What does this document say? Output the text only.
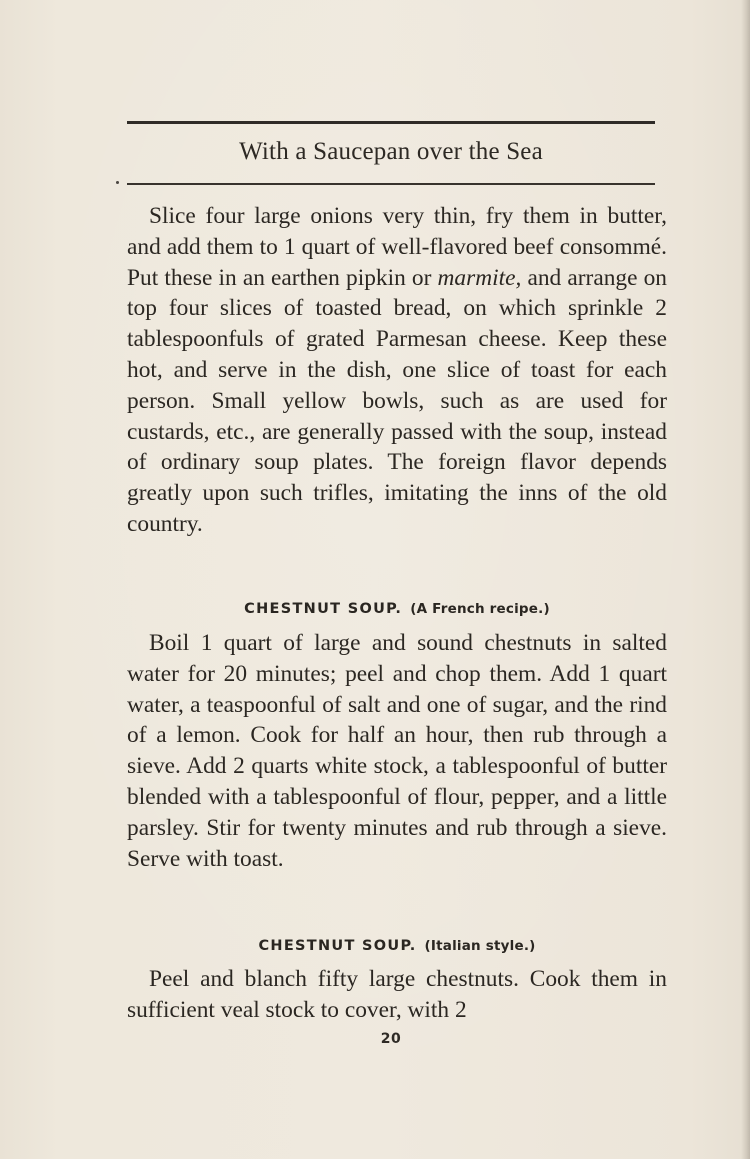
With a Saucepan over the Sea

Slice four large onions very thin, fry them in butter, and add them to 1 quart of well-flavored beef consommé. Put these in an earthen pipkin or marmite, and arrange on top four slices of toasted bread, on which sprinkle 2 tablespoonfuls of grated Parmesan cheese. Keep these hot, and serve in the dish, one slice of toast for each person. Small yellow bowls, such as are used for custards, etc., are generally passed with the soup, instead of ordinary soup plates. The foreign flavor depends greatly upon such trifles, imitating the inns of the old country.

CHESTNUT SOUP. (A French recipe.)

Boil 1 quart of large and sound chestnuts in salted water for 20 minutes; peel and chop them. Add 1 quart water, a teaspoonful of salt and one of sugar, and the rind of a lemon. Cook for half an hour, then rub through a sieve. Add 2 quarts white stock, a tablespoonful of butter blended with a tablespoonful of flour, pepper, and a little parsley. Stir for twenty minutes and rub through a sieve. Serve with toast.

CHESTNUT SOUP. (Italian style.)

Peel and blanch fifty large chestnuts. Cook them in sufficient veal stock to cover, with 2

20
